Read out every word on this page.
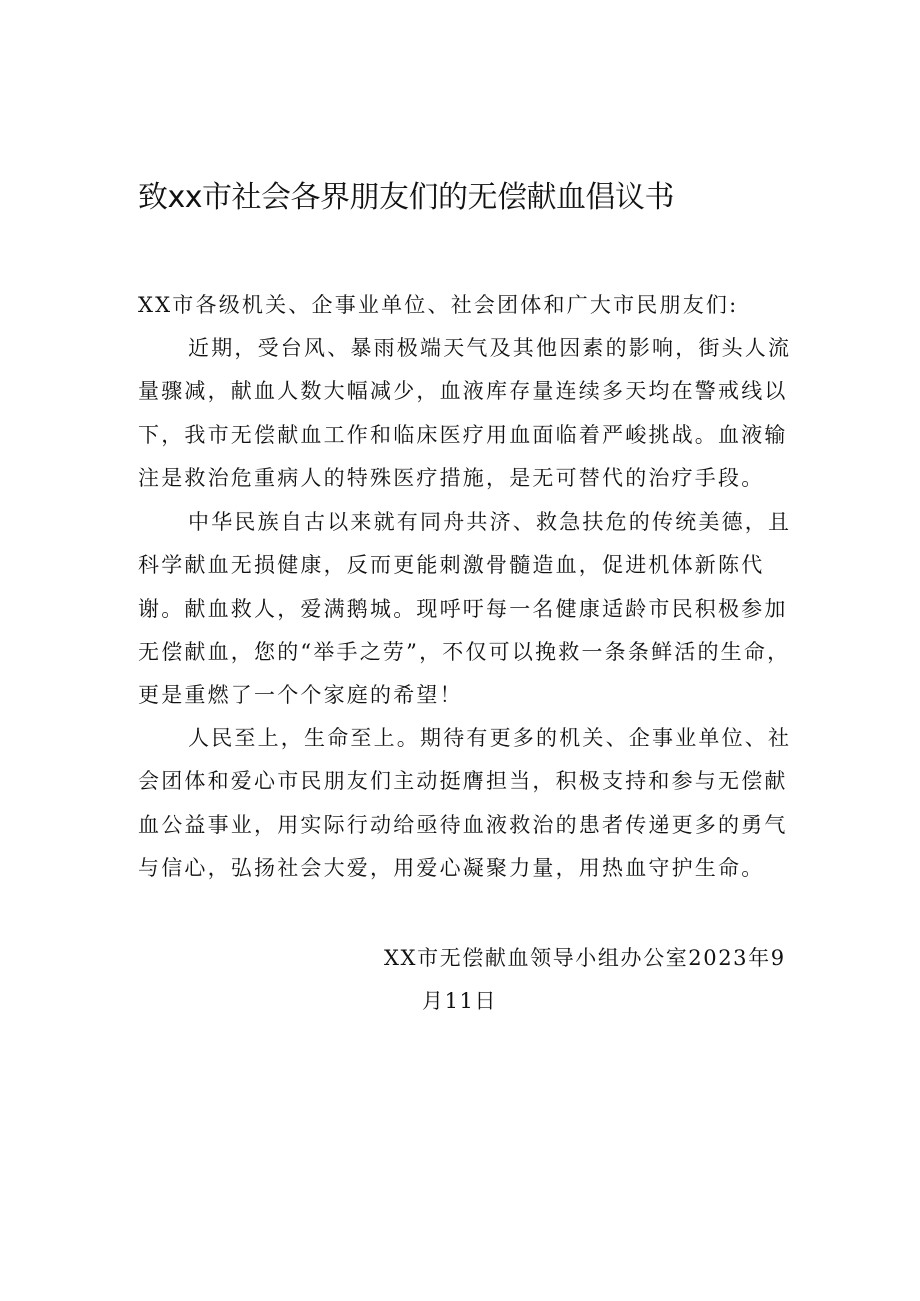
致xx市社会各界朋友们的无偿献血倡议书
XX市各级机关、企事业单位、社会团体和广大市民朋友们:
近期，受台风、暴雨极端天气及其他因素的影响，街头人流量骤减，献血人数大幅减少，血液库存量连续多天均在警戒线以下，我市无偿献血工作和临床医疗用血面临着严峻挑战。血液输注是救治危重病人的特殊医疗措施，是无可替代的治疗手段。
中华民族自古以来就有同舟共济、救急扶危的传统美德，且科学献血无损健康，反而更能刺激骨髓造血，促进机体新陈代谢。献血救人，爱满鹅城。现呼吁每一名健康适龄市民积极参加无偿献血，您的“举手之劳”，不仅可以挽救一条条鲜活的生命，更是重燃了一个个家庭的希望！
人民至上，生命至上。期待有更多的机关、企事业单位、社会团体和爱心市民朋友们主动挺膺担当，积极支持和参与无偿献血公益事业，用实际行动给亟待血液救治的患者传递更多的勇气与信心，弘扬社会大爱，用爱心凝聚力量，用热血守护生命。
XX市无偿献血领导小组办公室2023年9
月11日
